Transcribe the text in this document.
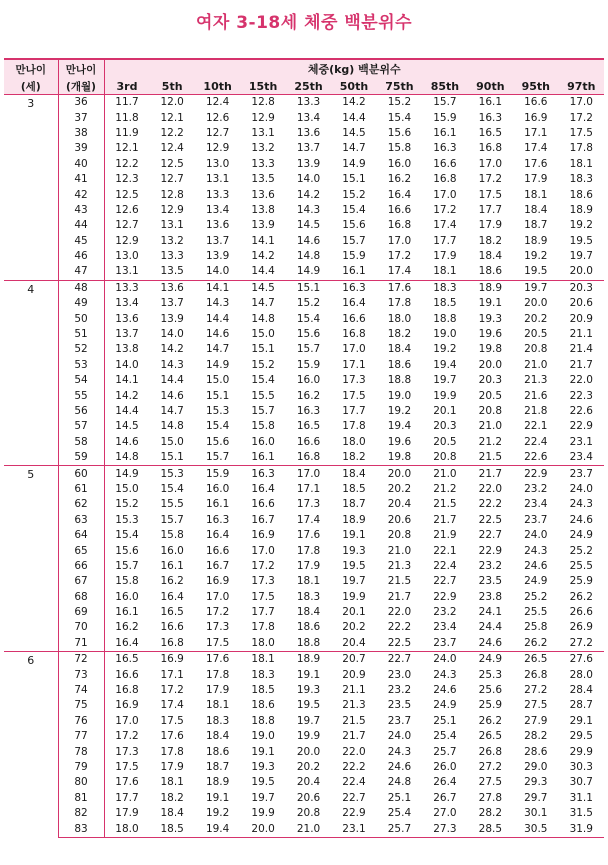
여자 3-18세 체중 백분위수
만나이	만나이	체중(kg) 백분위수										
(세)	(개월)	3rd	5th	10th	15th	25th	50th	75th	85th	90th	95th	97th
3	36	11.7	12.0	12.4	12.8	13.3	14.2	15.2	15.7	16.1	16.6	17.0
	37	11.8	12.1	12.6	12.9	13.4	14.4	15.4	15.9	16.3	16.9	17.2
	38	11.9	12.2	12.7	13.1	13.6	14.5	15.6	16.1	16.5	17.1	17.5
	39	12.1	12.4	12.9	13.2	13.7	14.7	15.8	16.3	16.8	17.4	17.8
	40	12.2	12.5	13.0	13.3	13.9	14.9	16.0	16.6	17.0	17.6	18.1
	41	12.3	12.7	13.1	13.5	14.0	15.1	16.2	16.8	17.2	17.9	18.3
	42	12.5	12.8	13.3	13.6	14.2	15.2	16.4	17.0	17.5	18.1	18.6
	43	12.6	12.9	13.4	13.8	14.3	15.4	16.6	17.2	17.7	18.4	18.9
	44	12.7	13.1	13.6	13.9	14.5	15.6	16.8	17.4	17.9	18.7	19.2
	45	12.9	13.2	13.7	14.1	14.6	15.7	17.0	17.7	18.2	18.9	19.5
	46	13.0	13.3	13.9	14.2	14.8	15.9	17.2	17.9	18.4	19.2	19.7
	47	13.1	13.5	14.0	14.4	14.9	16.1	17.4	18.1	18.6	19.5	20.0
4	48	13.3	13.6	14.1	14.5	15.1	16.3	17.6	18.3	18.9	19.7	20.3
	49	13.4	13.7	14.3	14.7	15.2	16.4	17.8	18.5	19.1	20.0	20.6
	50	13.6	13.9	14.4	14.8	15.4	16.6	18.0	18.8	19.3	20.2	20.9
	51	13.7	14.0	14.6	15.0	15.6	16.8	18.2	19.0	19.6	20.5	21.1
	52	13.8	14.2	14.7	15.1	15.7	17.0	18.4	19.2	19.8	20.8	21.4
	53	14.0	14.3	14.9	15.2	15.9	17.1	18.6	19.4	20.0	21.0	21.7
	54	14.1	14.4	15.0	15.4	16.0	17.3	18.8	19.7	20.3	21.3	22.0
	55	14.2	14.6	15.1	15.5	16.2	17.5	19.0	19.9	20.5	21.6	22.3
	56	14.4	14.7	15.3	15.7	16.3	17.7	19.2	20.1	20.8	21.8	22.6
	57	14.5	14.8	15.4	15.8	16.5	17.8	19.4	20.3	21.0	22.1	22.9
	58	14.6	15.0	15.6	16.0	16.6	18.0	19.6	20.5	21.2	22.4	23.1
	59	14.8	15.1	15.7	16.1	16.8	18.2	19.8	20.8	21.5	22.6	23.4
5	60	14.9	15.3	15.9	16.3	17.0	18.4	20.0	21.0	21.7	22.9	23.7
	61	15.0	15.4	16.0	16.4	17.1	18.5	20.2	21.2	22.0	23.2	24.0
	62	15.2	15.5	16.1	16.6	17.3	18.7	20.4	21.5	22.2	23.4	24.3
	63	15.3	15.7	16.3	16.7	17.4	18.9	20.6	21.7	22.5	23.7	24.6
	64	15.4	15.8	16.4	16.9	17.6	19.1	20.8	21.9	22.7	24.0	24.9
	65	15.6	16.0	16.6	17.0	17.8	19.3	21.0	22.1	22.9	24.3	25.2
	66	15.7	16.1	16.7	17.2	17.9	19.5	21.3	22.4	23.2	24.6	25.5
	67	15.8	16.2	16.9	17.3	18.1	19.7	21.5	22.7	23.5	24.9	25.9
	68	16.0	16.4	17.0	17.5	18.3	19.9	21.7	22.9	23.8	25.2	26.2
	69	16.1	16.5	17.2	17.7	18.4	20.1	22.0	23.2	24.1	25.5	26.6
	70	16.2	16.6	17.3	17.8	18.6	20.2	22.2	23.4	24.4	25.8	26.9
	71	16.4	16.8	17.5	18.0	18.8	20.4	22.5	23.7	24.6	26.2	27.2
6	72	16.5	16.9	17.6	18.1	18.9	20.7	22.7	24.0	24.9	26.5	27.6
	73	16.6	17.1	17.8	18.3	19.1	20.9	23.0	24.3	25.3	26.8	28.0
	74	16.8	17.2	17.9	18.5	19.3	21.1	23.2	24.6	25.6	27.2	28.4
	75	16.9	17.4	18.1	18.6	19.5	21.3	23.5	24.9	25.9	27.5	28.7
	76	17.0	17.5	18.3	18.8	19.7	21.5	23.7	25.1	26.2	27.9	29.1
	77	17.2	17.6	18.4	19.0	19.9	21.7	24.0	25.4	26.5	28.2	29.5
	78	17.3	17.8	18.6	19.1	20.0	22.0	24.3	25.7	26.8	28.6	29.9
	79	17.5	17.9	18.7	19.3	20.2	22.2	24.6	26.0	27.2	29.0	30.3
	80	17.6	18.1	18.9	19.5	20.4	22.4	24.8	26.4	27.5	29.3	30.7
	81	17.7	18.2	19.1	19.7	20.6	22.7	25.1	26.7	27.8	29.7	31.1
	82	17.9	18.4	19.2	19.9	20.8	22.9	25.4	27.0	28.2	30.1	31.5
	83	18.0	18.5	19.4	20.0	21.0	23.1	25.7	27.3	28.5	30.5	31.9
